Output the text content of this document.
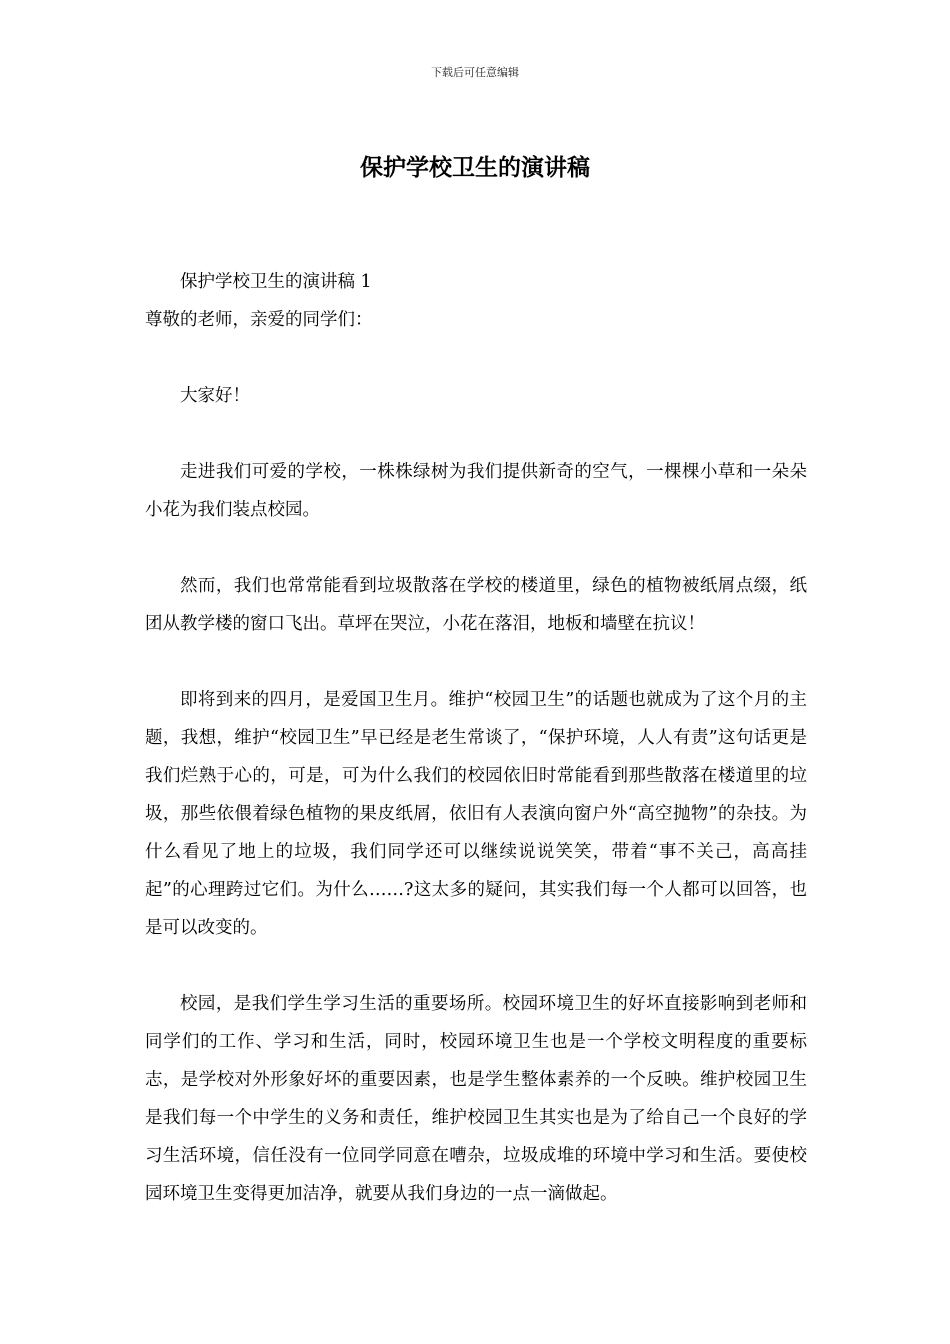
下载后可任意编辑
保护学校卫生的演讲稿

保护学校卫生的演讲稿 1

尊敬的老师，亲爱的同学们：

大家好！

走进我们可爱的学校，一株株绿树为我们提供新奇的空气，一棵棵小草和一朵朵小花为我们装点校园。

然而，我们也常常能看到垃圾散落在学校的楼道里，绿色的植物被纸屑点缀，纸团从教学楼的窗口飞出。草坪在哭泣，小花在落泪，地板和墙壁在抗议！

即将到来的四月，是爱国卫生月。维护“校园卫生”的话题也就成为了这个月的主题，我想，维护“校园卫生”早已经是老生常谈了，“保护环境，人人有责”这句话更是我们烂熟于心的，可是，可为什么我们的校园依旧时常能看到那些散落在楼道里的垃圾，那些依偎着绿色植物的果皮纸屑，依旧有人表演向窗户外“高空抛物”的杂技。为什么看见了地上的垃圾，我们同学还可以继续说说笑笑，带着“事不关己，高高挂起”的心理跨过它们。为什么……?这太多的疑问，其实我们每一个人都可以回答，也是可以改变的。

校园，是我们学生学习生活的重要场所。校园环境卫生的好坏直接影响到老师和同学们的工作、学习和生活，同时，校园环境卫生也是一个学校文明程度的重要标志，是学校对外形象好坏的重要因素，也是学生整体素养的一个反映。维护校园卫生是我们每一个中学生的义务和责任，维护校园卫生其实也是为了给自己一个良好的学习生活环境，信任没有一位同学同意在嘈杂，垃圾成堆的环境中学习和生活。要使校园环境卫生变得更加洁净，就要从我们身边的一点一滴做起。
